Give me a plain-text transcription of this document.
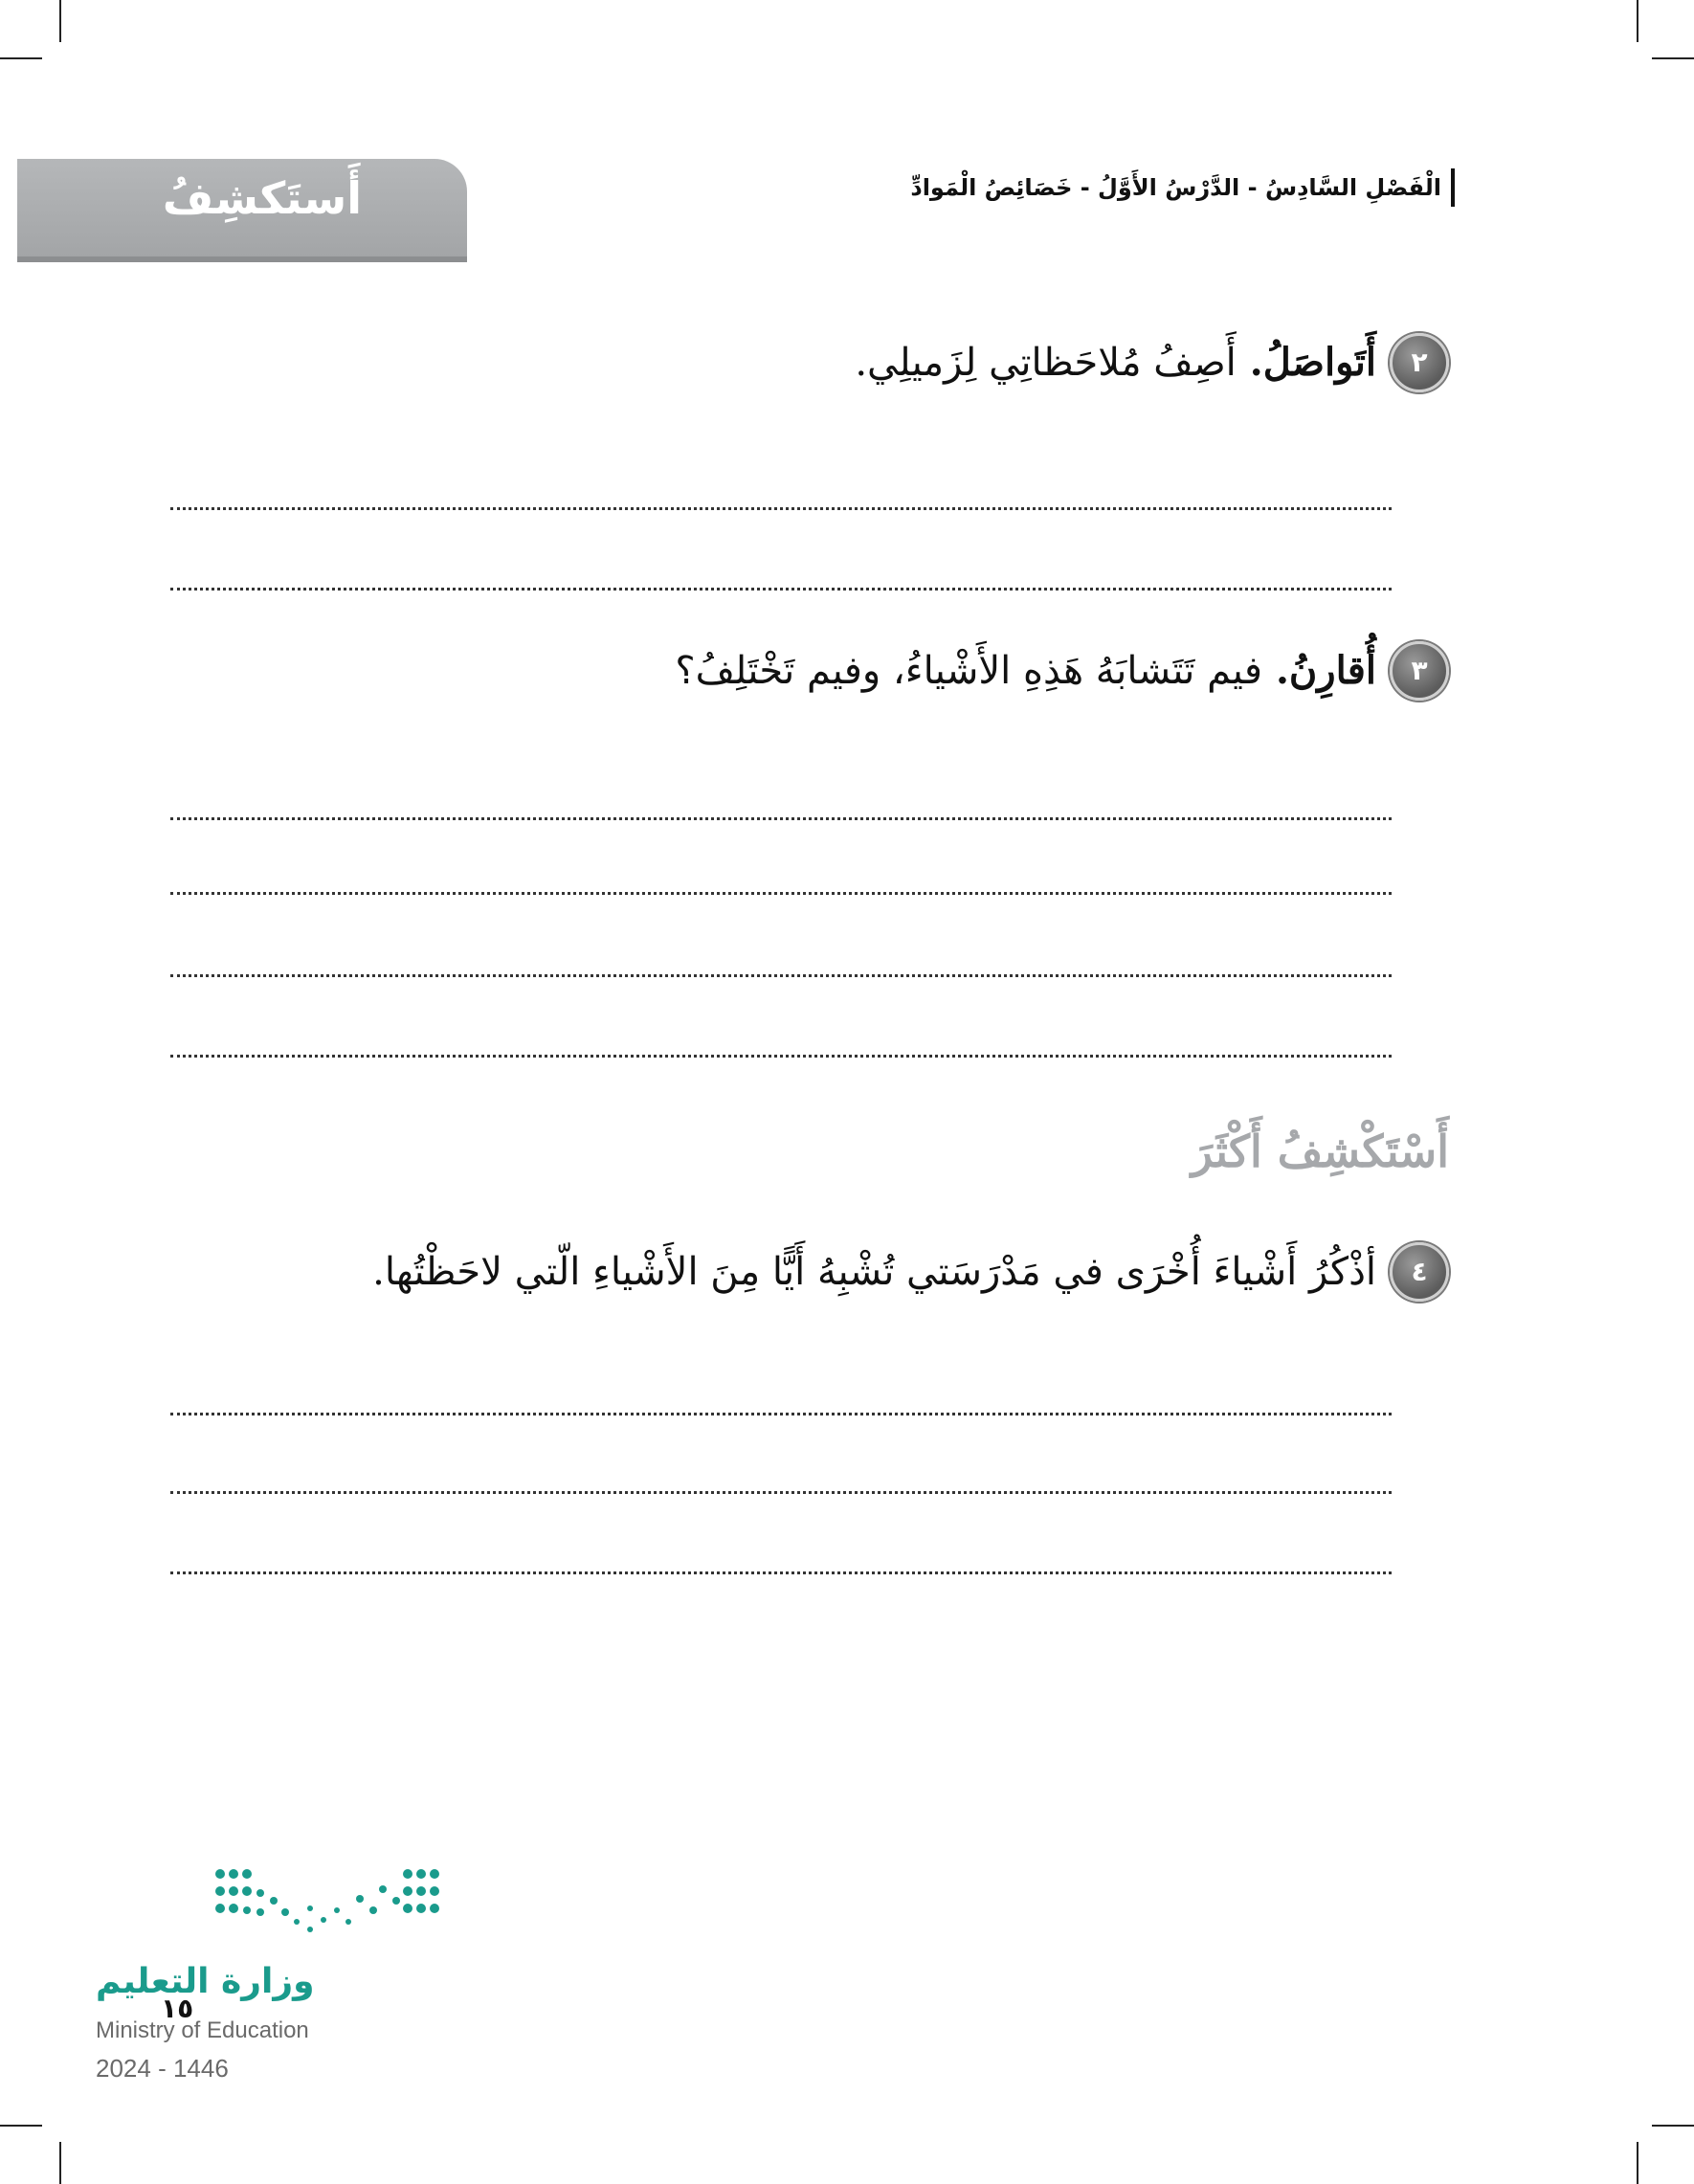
أَستَكشِفُ	الْفَصْلِ السَّادِسُ - الدَّرْسُ الأَوَّلُ - خَصَائِصُ الْمَوادِّ
٢
أَتَواصَلُ.
أَصِفُ مُلاحَظاتِي لِزَميلِي.
٣
أُقارِنُ.
فيم تَتَشابَهُ هَذِهِ الأَشْياءُ، وفيم تَخْتَلِفُ؟
أَسْتَكْشِفُ أَكْثَرَ
٤
أذْكُرُ أَشْياءَ أُخْرَى في مَدْرَسَتي تُشْبِهُ أَيًّا مِنَ الأَشْياءِ الّتي لاحَظْتُها.
وزارة التعليم
Ministry of Education
2024 - 1446
١٥
